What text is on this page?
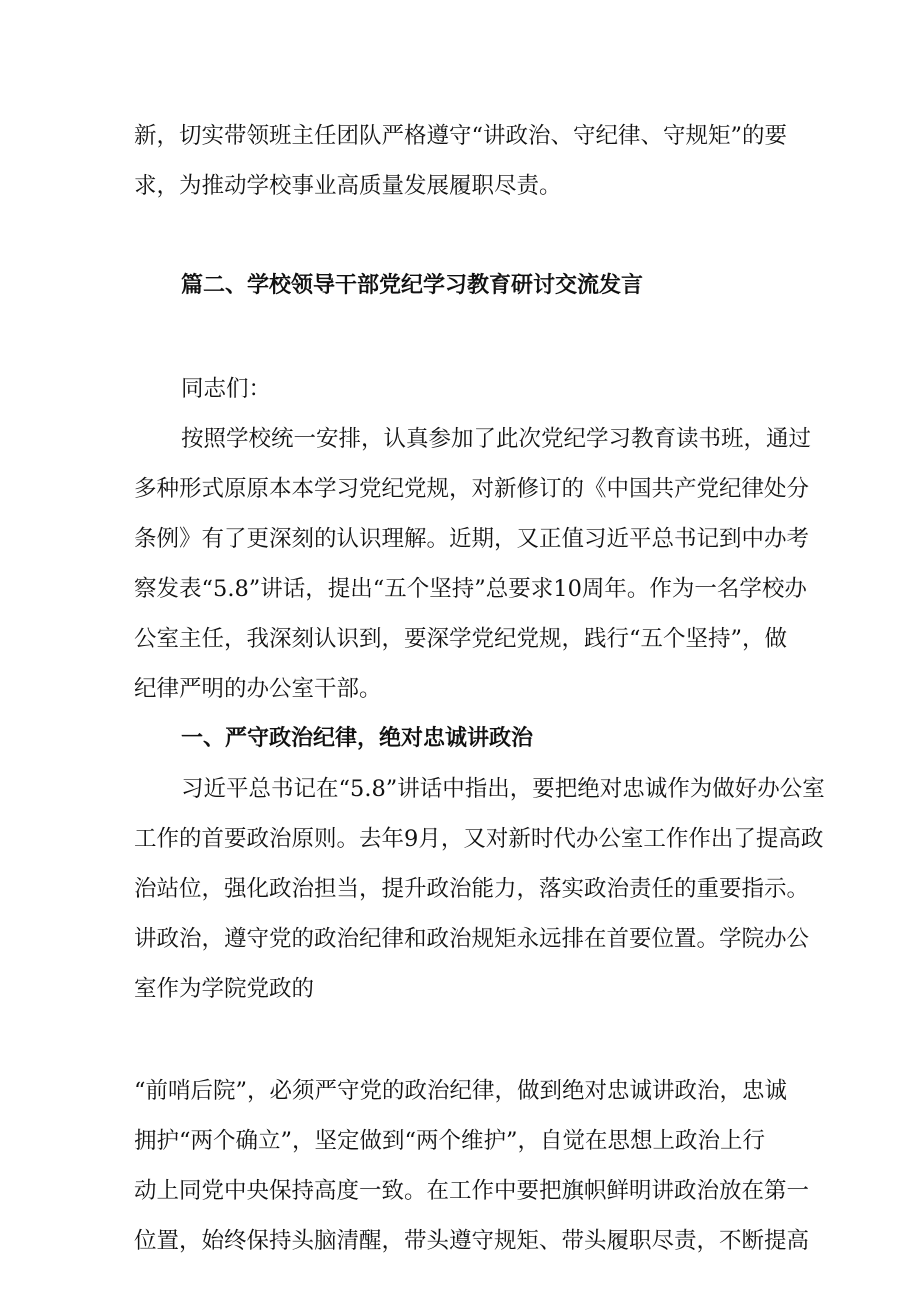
新，切实带领班主任团队严格遵守“讲政治、守纪律、守规矩”的要
求，为推动学校事业高质量发展履职尽责。
篇二、学校领导干部党纪学习教育研讨交流发言
同志们：
按照学校统一安排，认真参加了此次党纪学习教育读书班，通过
多种形式原原本本学习党纪党规，对新修订的《中国共产党纪律处分
条例》有了更深刻的认识理解。近期，又正值习近平总书记到中办考
察发表“5.8”讲话，提出“五个坚持”总要求10周年。作为一名学校办
公室主任，我深刻认识到，要深学党纪党规，践行“五个坚持”，做
纪律严明的办公室干部。
一、严守政治纪律，绝对忠诚讲政治
习近平总书记在“5.8”讲话中指出，要把绝对忠诚作为做好办公室
工作的首要政治原则。去年9月，又对新时代办公室工作作出了提高政
治站位，强化政治担当，提升政治能力，落实政治责任的重要指示。
讲政治，遵守党的政治纪律和政治规矩永远排在首要位置。学院办公
室作为学院党政的
“前哨后院”，必须严守党的政治纪律，做到绝对忠诚讲政治，忠诚
拥护“两个确立”，坚定做到“两个维护”，自觉在思想上政治上行
动上同党中央保持高度一致。在工作中要把旗帜鲜明讲政治放在第一
位置，始终保持头脑清醒，带头遵守规矩、带头履职尽责，不断提高
